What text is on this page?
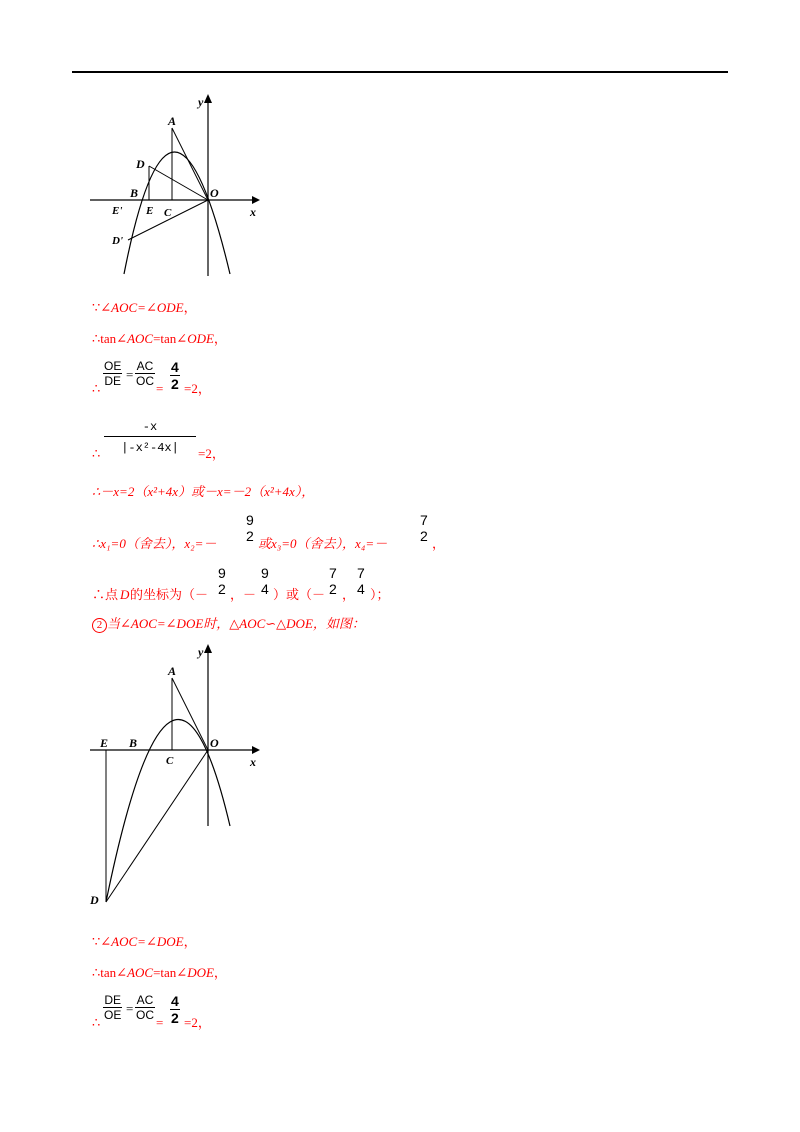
y
x
A
D
B	O
E' E C
D'
∵∠AOC=∠ODE，
∴tan∠AOC=tan∠ODE，
∴
$\frac{OE}{DE} = \frac{AC}{OC}$
= $\frac{4}{2} =2$，
∴ $\frac{-x}{\text{|-x²-4x|}} =2$，
∴－x=2（x²+4x）或－x=－2（x²+4x），
∴x₁=0（舍去），x₂=－
9
2 或x₃=0（舍去），x₄=－
7
2 ，
∴点 D 的坐标为（－
9
2 ，－
9
4 ）或（－
7
2 ，
7
4 ）；
2 当∠AOC=∠DOE时，△AOC∽△DOE，如图：
y
x
A
E B
C
O
D
∵∠AOC=∠DOE，
∴tan∠AOC=tan∠DOE，
∴
$\frac{DE}{OE} = \frac{AC}{OC}$
= $\frac{4}{2} =2$，
